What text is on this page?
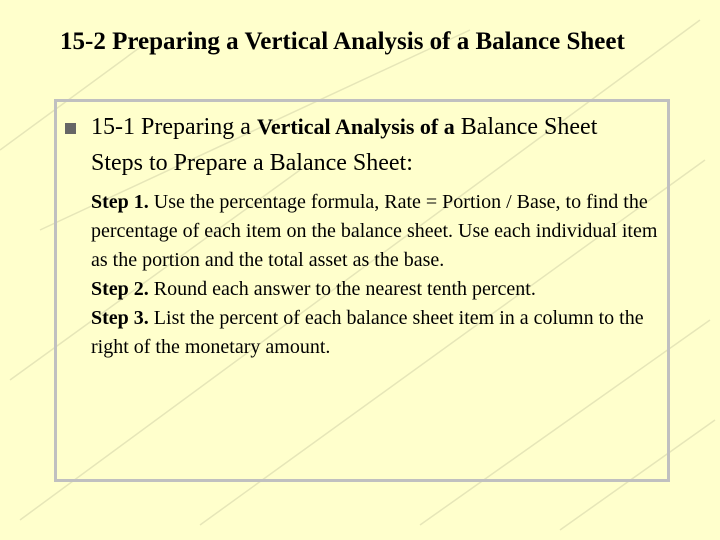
15-2 Preparing a Vertical Analysis of a Balance Sheet
15-1 Preparing a Vertical Analysis of a Balance Sheet
Steps to Prepare a Balance Sheet:

Step 1. Use the percentage formula, Rate = Portion / Base, to find the percentage of each item on the balance sheet. Use each individual item as the portion and the total asset as the base.

Step 2. Round each answer to the nearest tenth percent.

Step 3. List the percent of each balance sheet item in a column to the right of the monetary amount.
